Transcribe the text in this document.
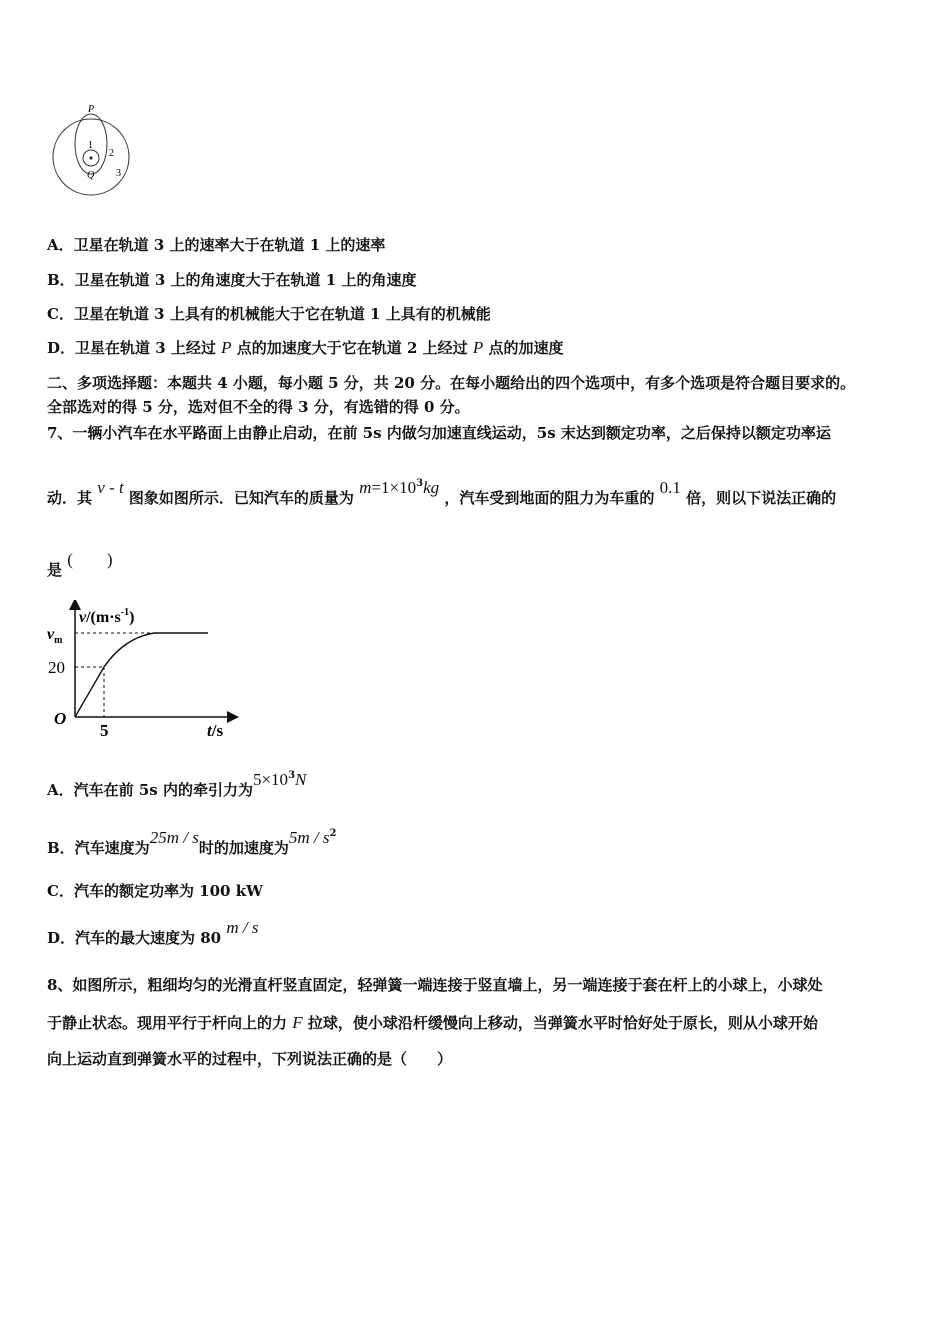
P
1
2
Q 3
A．卫星在轨道 3 上的速率大于在轨道 1 上的速率
B．卫星在轨道 3 上的角速度大于在轨道 1 上的角速度
C．卫星在轨道 3 上具有的机械能大于它在轨道 1 上具有的机械能
D．卫星在轨道 3 上经过 P 点的加速度大于它在轨道 2 上经过 P 点的加速度
二、多项选择题：本题共 4 小题，每小题 5 分，共 20 分。在每小题给出的四个选项中，有多个选项是符合题目要求的。
全部选对的得 5 分，选对但不全的得 3 分，有选错的得 0 分。
7、一辆小汽车在水平路面上由静止启动，在前 5s 内做匀加速直线运动，5s 末达到额定功率，之后保持以额定功率运
动．其 v - t 图象如图所示．已知汽车的质量为 $m=1\times 10^3kg$ ，汽车受到地面的阻力为车重的 0.1 倍，则以下说法正确的
是 (　　)
$v/(m\cdot s^{-1})$
$v_m$
20
O
5	t/s
A．汽车在前 5s 内的牵引力为$5\times 10^3N$
B．汽车速度为25m / s时的加速度为$5m / s^2$
C．汽车的额定功率为 100 kW
D．汽车的最大速度为 80 m / s
8、如图所示，粗细均匀的光滑直杆竖直固定，轻弹簧一端连接于竖直墙上，另一端连接于套在杆上的小球上，小球处
于静止状态。现用平行于杆向上的力 F 拉球，使小球沿杆缓慢向上移动，当弹簧水平时恰好处于原长，则从小球开始
向上运动直到弹簧水平的过程中，下列说法正确的是（　　）
